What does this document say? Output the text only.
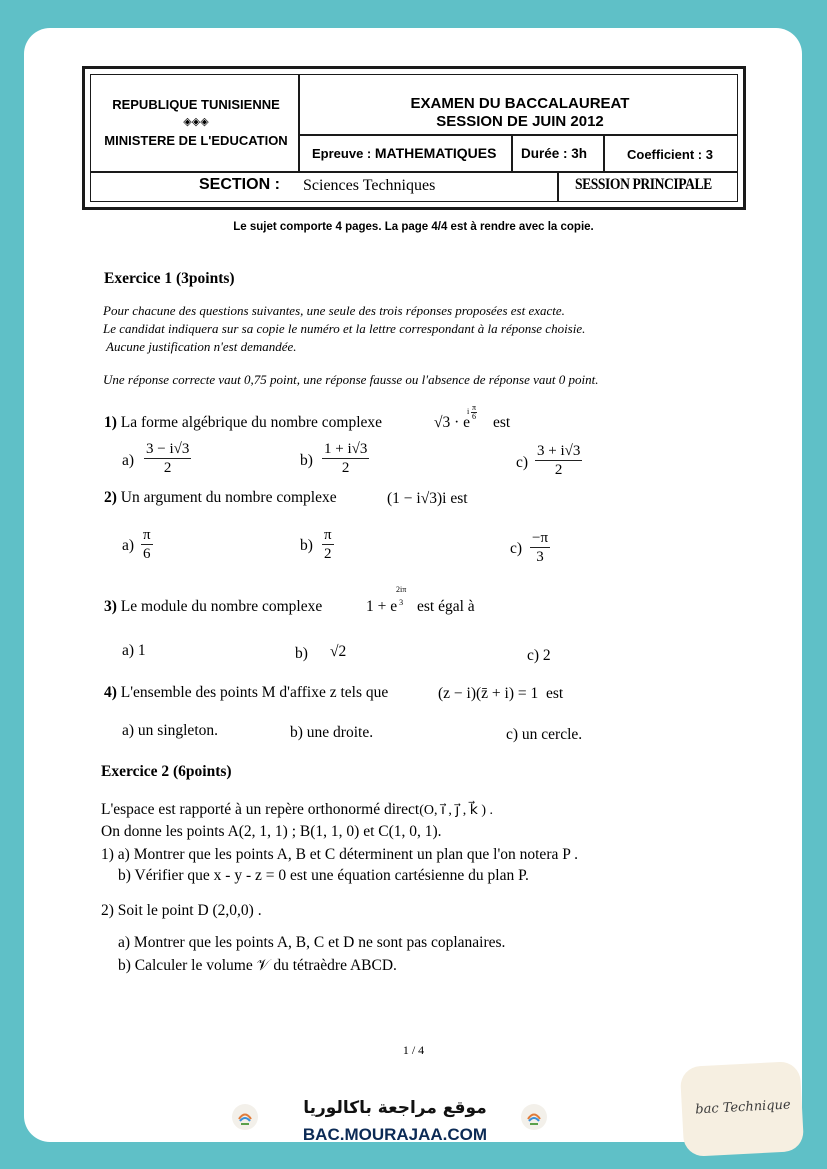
REPUBLIQUE TUNISIENNE
◈◈◈
MINISTERE DE L'EDUCATION
EXAMEN DU BACCALAUREAT
SESSION DE JUIN 2012
Epreuve : MATHEMATIQUES Durée : 3h	Coefficient : 3
SECTION : Sciences Techniques	SESSION PRINCIPALE
Le sujet comporte 4 pages. La page 4/4 est à rendre avec la copie.
Exercice 1 (3points)
Pour chacune des questions suivantes, une seule des trois réponses proposées est exacte.
Le candidat indiquera sur sa copie le numéro et la lettre correspondant à la réponse choisie.
Aucune justification n'est demandée.
Une réponse correcte vaut 0,75 point, une réponse fausse ou l'absence de réponse vaut 0 point.
1) La forme algébrique du nombre complexe	√3 · e
i π
6 est
$a) \frac{3 - i√3}{2}$	$b) \frac{1 + i√3}{2}$	$c) \frac{3 + i√3}{2}$
2) Un argument du nombre complexe	(1 − i√3)i est
$a) \frac{\pi}{6}$	$b) \frac{\pi}{2}$	$c) \frac{-\pi}{3}$
3) Le module du nombre complexe	1 + e
2iπ
3 est égal à
a) 1	b) √2	c) 2
4) L'ensemble des points M d'affixe z tels que	(z − i)(z̄ + i) = 1 est
a) un singleton.	b) une droite.	c) un cercle.
Exercice 2 (6points)
L'espace est rapporté à un repère orthonormé direct(O, i⃗ , j⃗ , k⃗ ) .
On donne les points A(2, 1, 1) ; B(1, 1, 0) et C(1, 0, 1).
1) a) Montrer que les points A, B et C déterminent un plan que l'on notera P .
b) Vérifier que x - y - z = 0 est une équation cartésienne du plan P.
2) Soit le point D (2,0,0) .
a) Montrer que les points A, B, C et D ne sont pas coplanaires.
b) Calculer le volume 𝒱 du tétraèdre ABCD.
1 / 4
موقع مراجعة باكالوريا
BAC.MOURAJAA.COM
bac Technique
